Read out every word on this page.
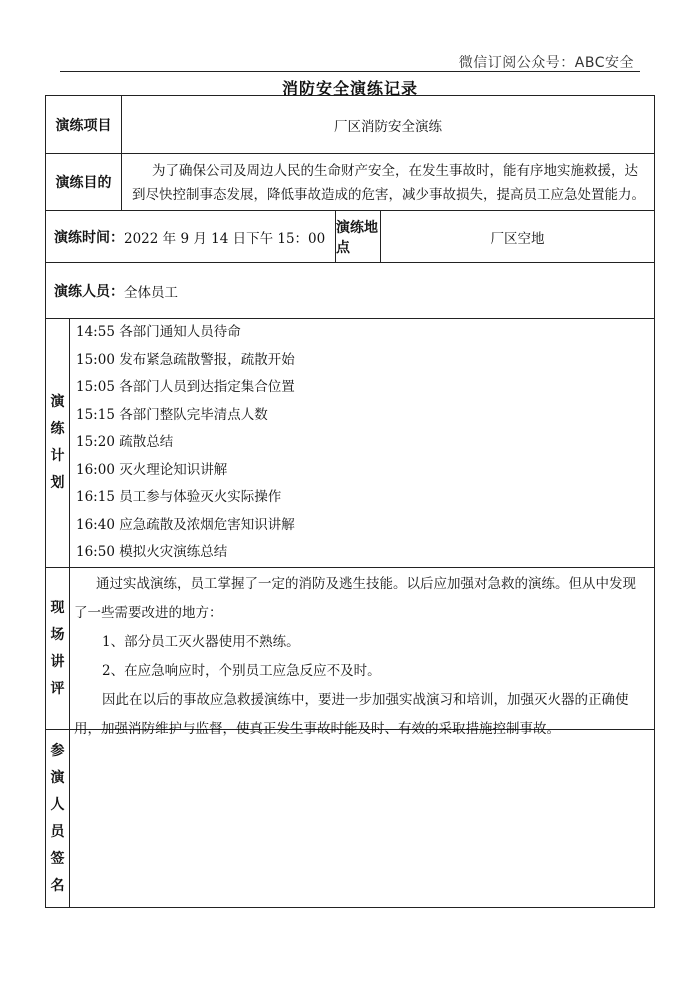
微信订阅公众号：ABC安全
消防安全演练记录
演练项目	厂区消防安全演练
演练目的
为了确保公司及周边人民的生命财产安全，在发生事故时，能有序地实施救援，达
到尽快控制事态发展，降低事故造成的危害，减少事故损失，提高员工应急处置能力。
演练时间： 2022 年 9 月 14 日下午 15：00
演练地点
厂区空地
演练人员： 全体员工
演
练
计
划
14:55 各部门通知人员待命
15:00 发布紧急疏散警报，疏散开始
15:05 各部门人员到达指定集合位置
15:15 各部门整队完毕清点人数
15:20 疏散总结
16:00 灭火理论知识讲解
16:15 员工参与体验灭火实际操作
16:40 应急疏散及浓烟危害知识讲解
16:50 模拟火灾演练总结
现
场
讲
评
通过实战演练，员工掌握了一定的消防及逃生技能。以后应加强对急救的演练。但从中发现
了一些需要改进的地方：
1、部分员工灭火器使用不熟练。
2、在应急响应时，个别员工应急反应不及时。
因此在以后的事故应急救援演练中，要进一步加强实战演习和培训，加强灭火器的正确使
用，加强消防维护与监督，使真正发生事故时能及时、有效的采取措施控制事故。
参
演
人
员
签
名
